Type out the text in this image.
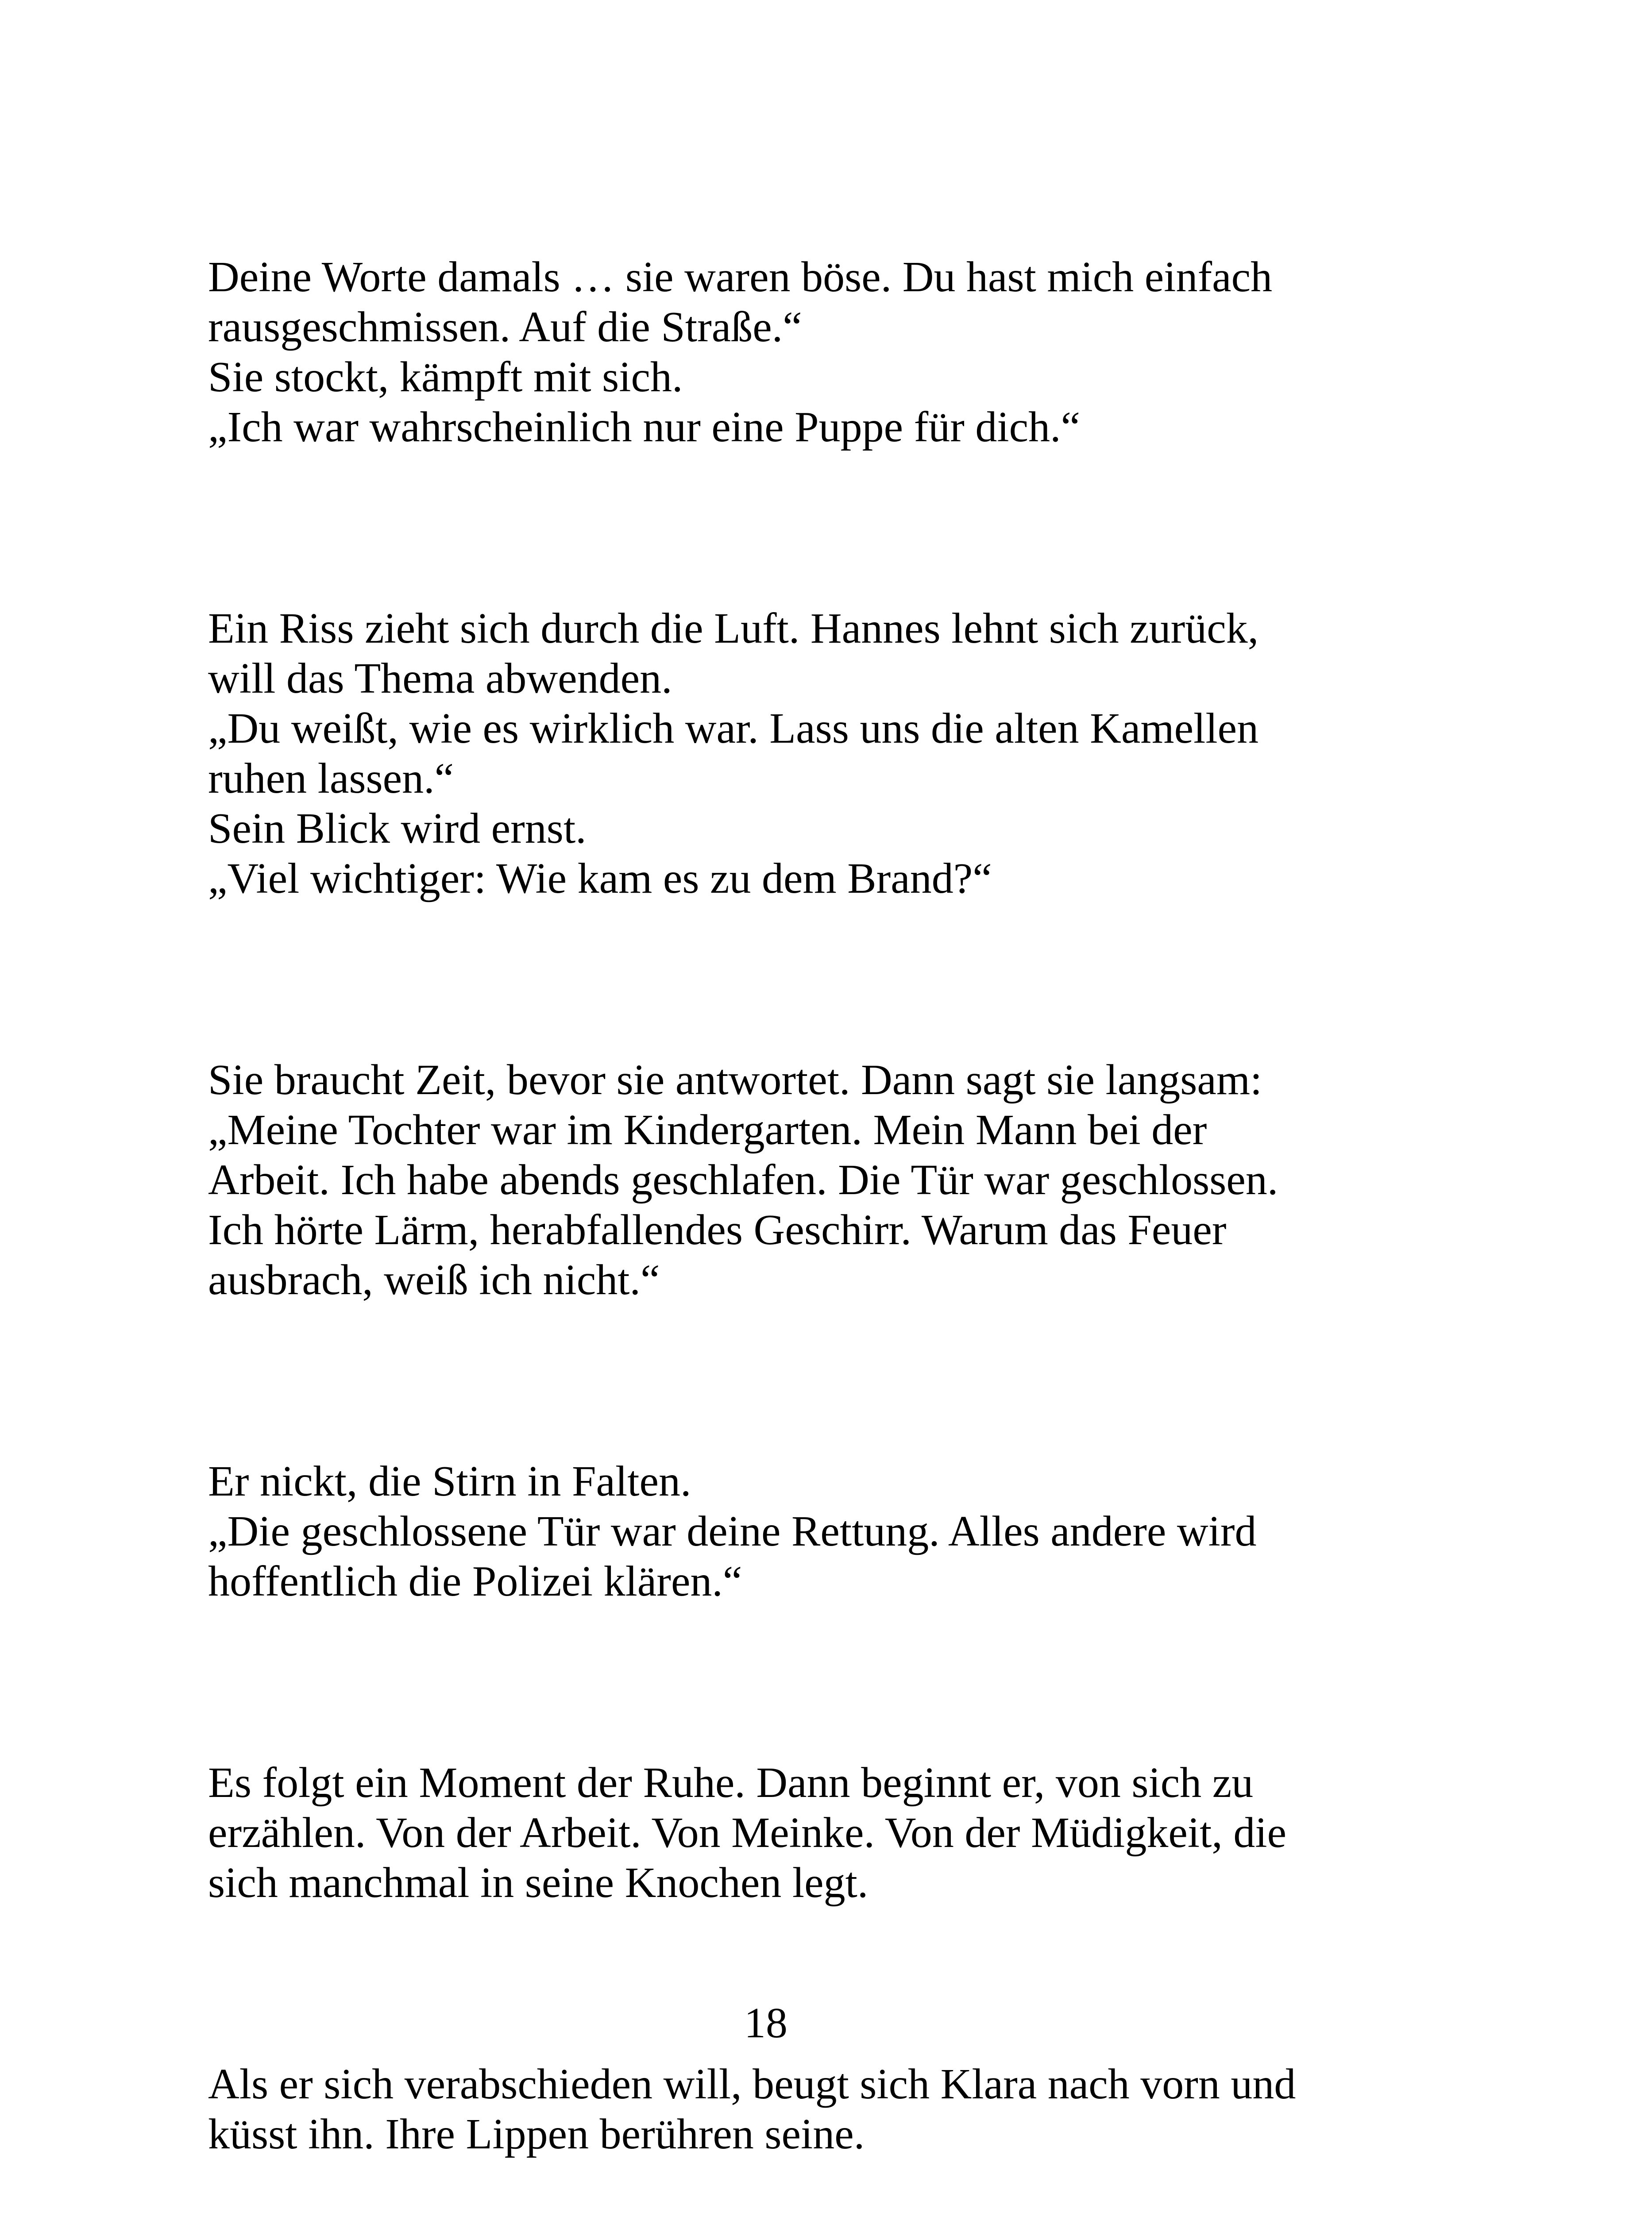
Deine Worte damals … sie waren böse. Du hast mich einfach
rausgeschmissen. Auf die Straße.“
Sie stockt, kämpft mit sich.
„Ich war wahrscheinlich nur eine Puppe für dich.“

Ein Riss zieht sich durch die Luft. Hannes lehnt sich zurück,
will das Thema abwenden.
„Du weißt, wie es wirklich war. Lass uns die alten Kamellen
ruhen lassen.“
Sein Blick wird ernst.
„Viel wichtiger: Wie kam es zu dem Brand?“

Sie braucht Zeit, bevor sie antwortet. Dann sagt sie langsam:
„Meine Tochter war im Kindergarten. Mein Mann bei der
Arbeit. Ich habe abends geschlafen. Die Tür war geschlossen.
Ich hörte Lärm, herabfallendes Geschirr. Warum das Feuer
ausbrach, weiß ich nicht.“

Er nickt, die Stirn in Falten.
„Die geschlossene Tür war deine Rettung. Alles andere wird
hoffentlich die Polizei klären.“

Es folgt ein Moment der Ruhe. Dann beginnt er, von sich zu
erzählen. Von der Arbeit. Von Meinke. Von der Müdigkeit, die
sich manchmal in seine Knochen legt.

Als er sich verabschieden will, beugt sich Klara nach vorn und
küsst ihn. Ihre Lippen berühren seine.

18
